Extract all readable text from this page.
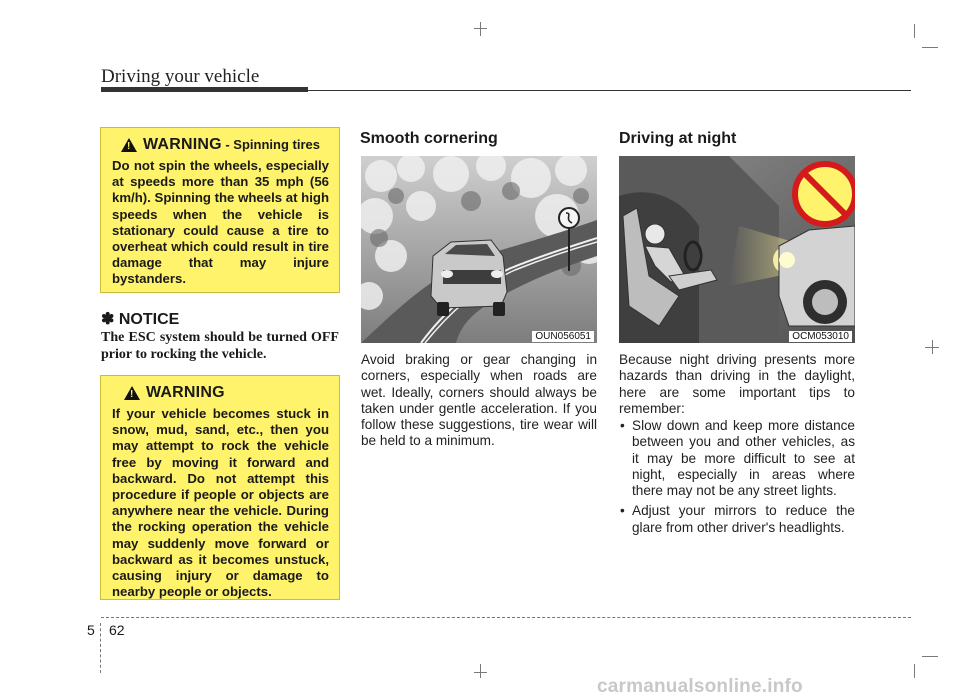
Driving your vehicle
!
WARNING - Spinning tires

Do not spin the wheels, especially at speeds more than 35 mph (56 km/h). Spinning the wheels at high speeds when the vehicle is stationary could cause a tire to overheat which could result in tire damage that may injure bystanders.

✽ NOTICE

The ESC system should be turned OFF prior to rocking the vehicle.

!
WARNING

If your vehicle becomes stuck in snow, mud, sand, etc., then you may attempt to rock the vehicle free by moving it forward and backward. Do not attempt this procedure if people or objects are anywhere near the vehicle. During the rocking operation the vehicle may suddenly move forward or backward as it becomes unstuck, causing injury or damage to nearby people or objects.

Smooth cornering
OUN056051

Avoid braking or gear changing in corners, especially when roads are wet. Ideally, corners should always be taken under gentle acceleration. If you follow these suggestions, tire wear will be held to a minimum.

Driving at night
OCM053010

Because night driving presents more hazards than driving in the daylight, here are some important tips to remember:

• Slow down and keep more distance between you and other vehicles, as it may be more difficult to see at night, especially in areas where there may not be any street lights.
• Adjust your mirrors to reduce the glare from other driver's headlights.
5 62
carmanualsonline.info
